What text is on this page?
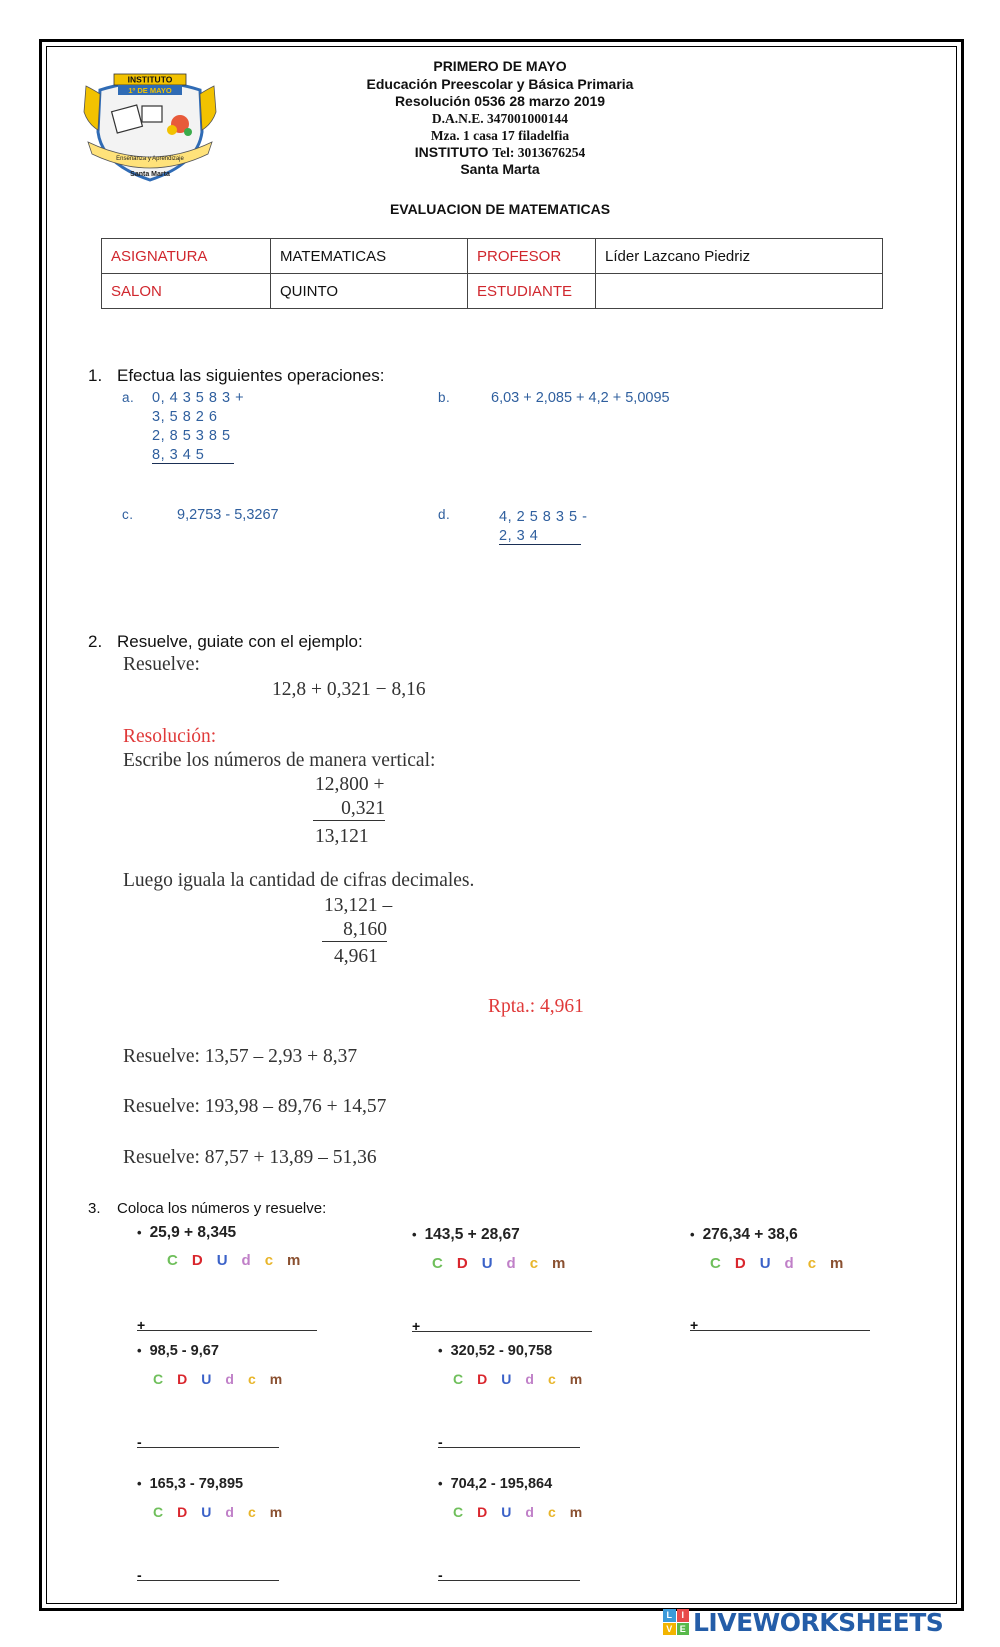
INSTITUTO
1º DE MAYO
Enseñanza y Aprendizaje
Santa Marta
PRIMERO DE MAYO
Educación Preescolar y Básica Primaria
Resolución 0536 28 marzo 2019
D.A.N.E. 347001000144
Mza. 1 casa 17 filadelfia
INSTITUTO Tel: 3013676254
Santa Marta
EVALUACION DE MATEMATICAS
ASIGNATURA	MATEMATICAS	PROFESOR	Líder Lazcano Piedriz
SALON	QUINTO	ESTUDIANTE	
1. Efectua las siguientes operaciones:
a. 0, 4 3 5 8 3 +
3, 5 8 2 6
2, 8 5 3 8 5
8, 3 4 5
b.	6,03 + 2,085 + 4,2 + 5,0095
c.	9,2753 - 5,3267	d.	4, 2 5 8 3 5 -
2, 3 4
2. Resuelve, guiate con el ejemplo:
Resuelve:
12,8 + 0,321 − 8,16
Resolución:
Escribe los números de manera vertical:
12,800 +
0,321
13,121
Luego iguala la cantidad de cifras decimales.
13,121 –
8,160
4,961
Rpta.: 4,961
Resuelve: 13,57 – 2,93 + 8,37
Resuelve: 193,98 – 89,76 + 14,57
Resuelve: 87,57 + 13,89 – 51,36
3. Coloca los números y resuelve:
• 25,9 + 8,345
C D U d c m
+
• 143,5 + 28,67
C D U d c m
+
• 276,34 + 38,6
C D U d c m
+
• 98,5 - 9,67
C D U d c m
-
• 320,52 - 90,758
C D U d c m
-
• 165,3 - 79,895
C D U d c m
-
• 704,2 - 195,864
C D U d c m
-
L	I
V E LIVEWORKSHEETS
